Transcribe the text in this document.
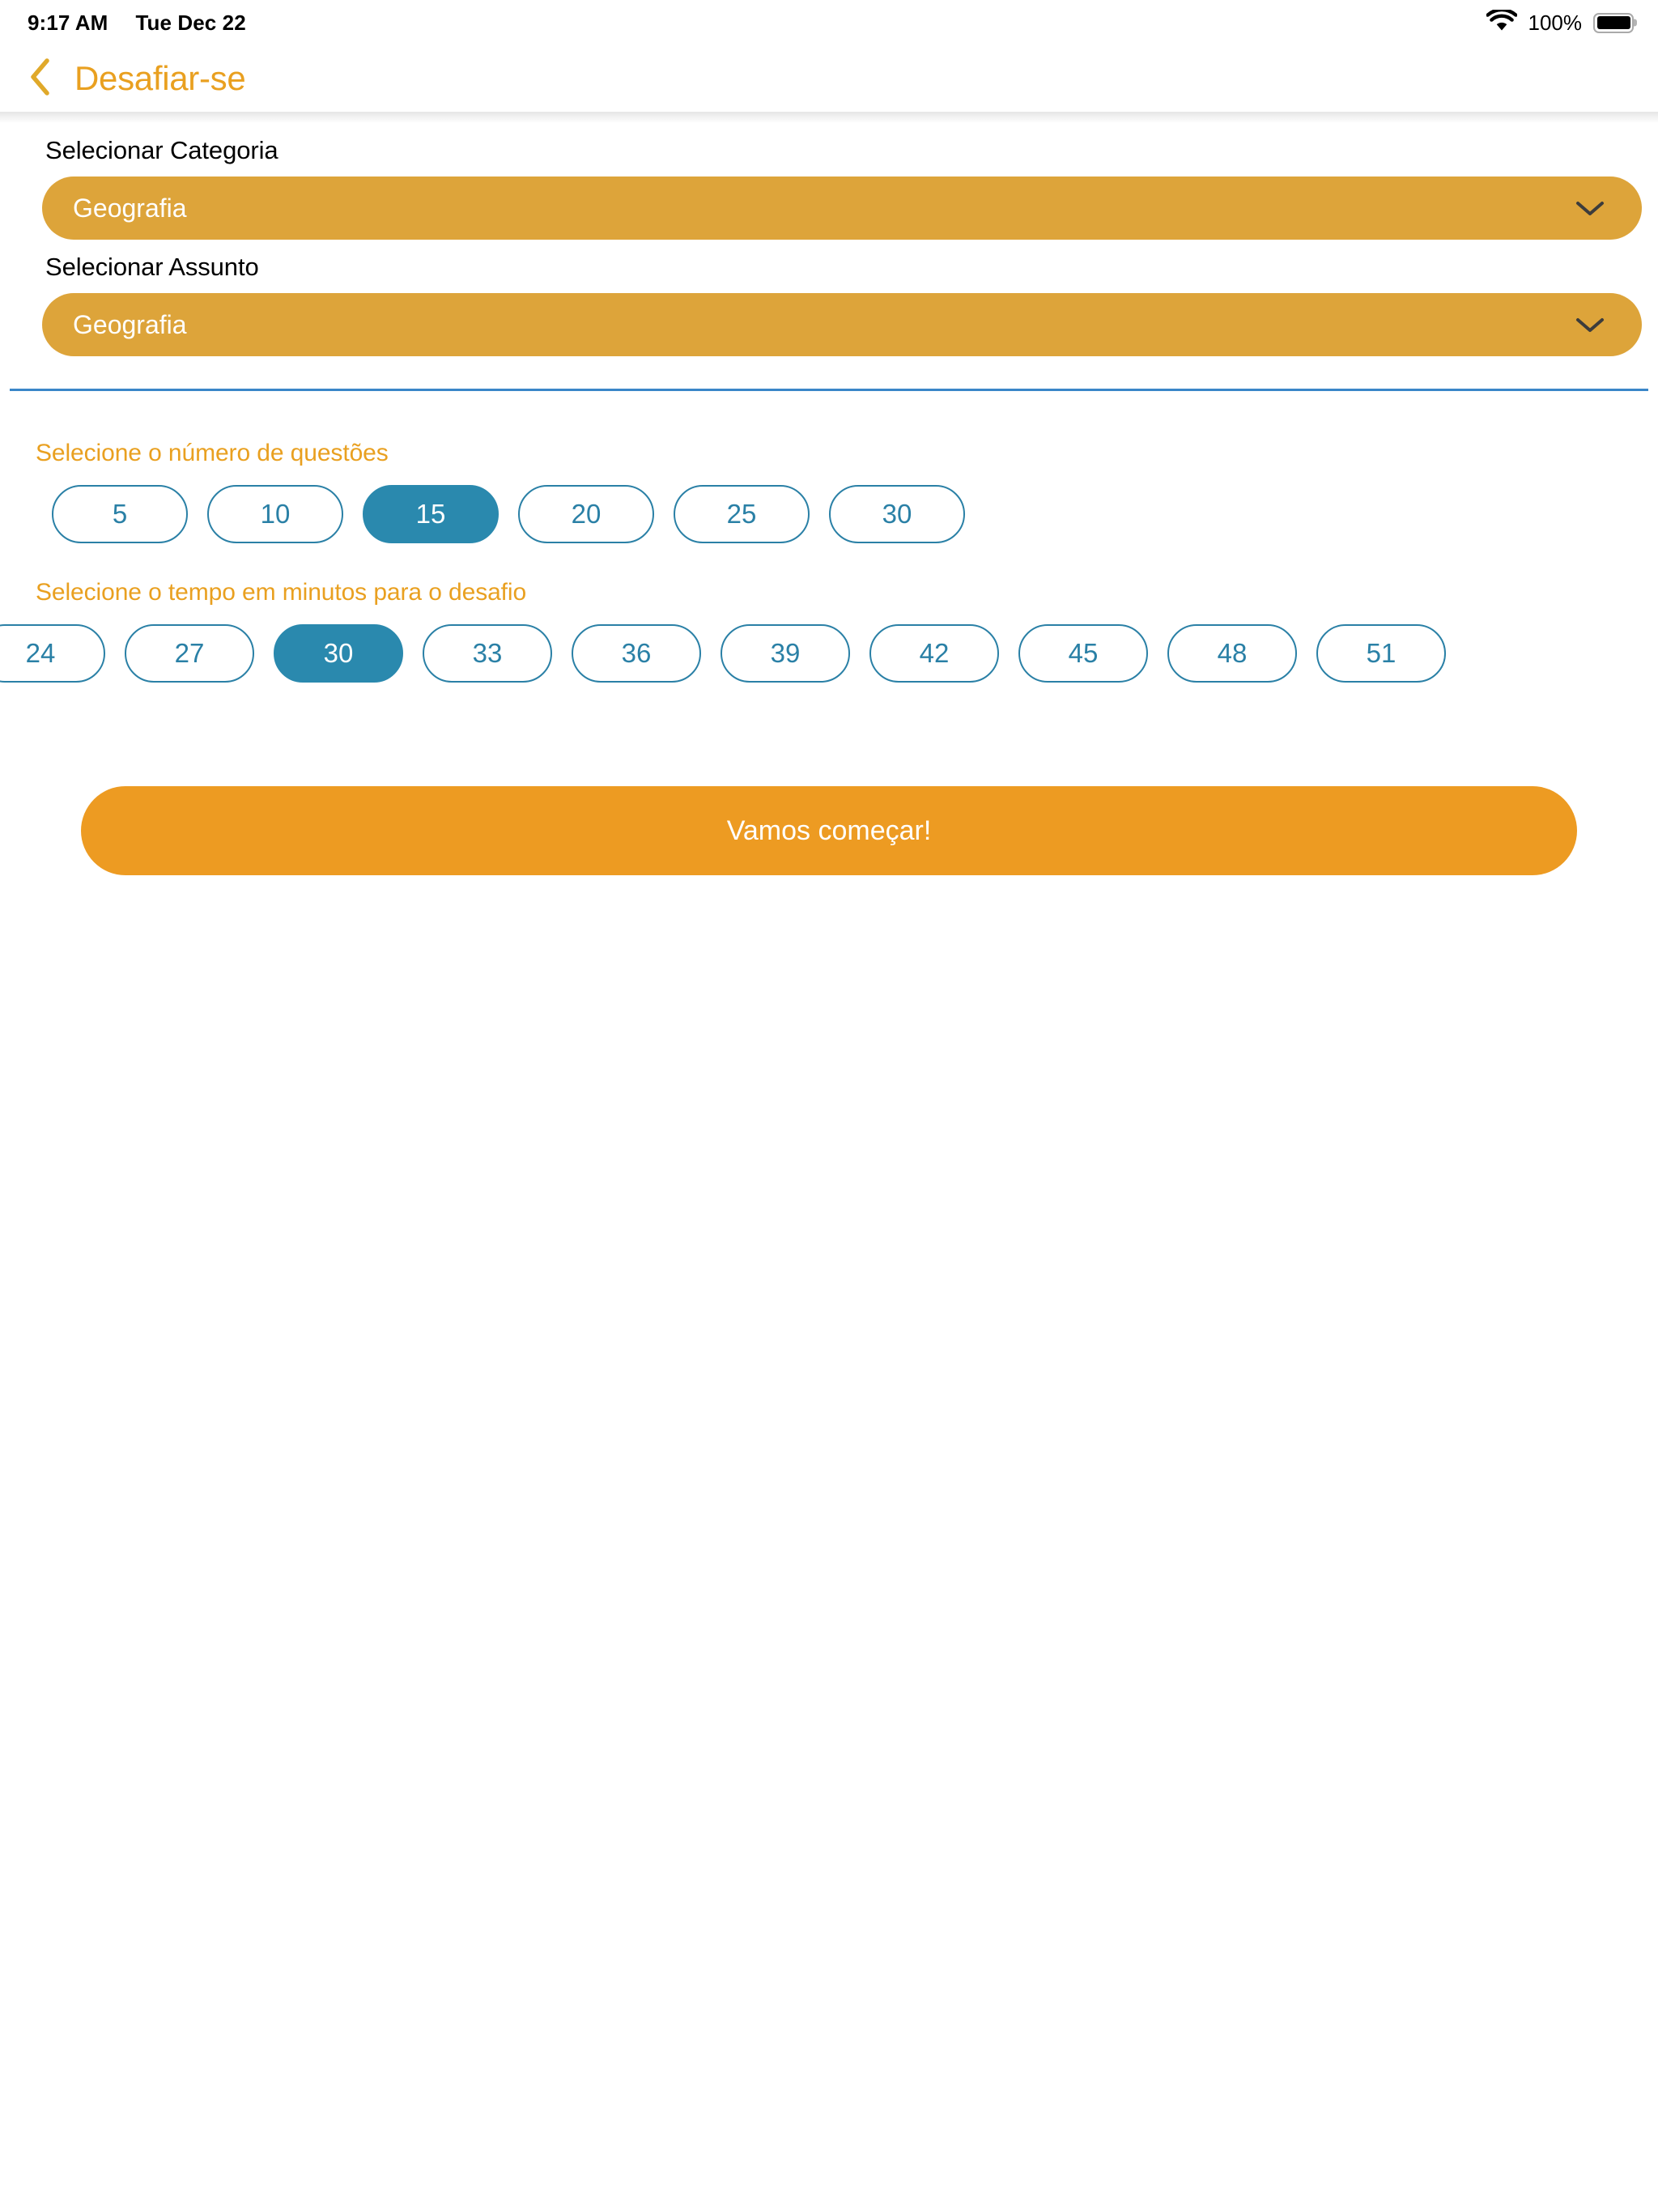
9:17 AM Tue Dec 22	100%
Desafiar-se
Selecionar Categoria
Geografia
Selecionar Assunto
Geografia
Selecione o número de questões
5	10	15	20	25	30
Selecione o tempo em minutos para o desafio
24	27	30	33	36	39	42	45	48	51
Vamos começar!
